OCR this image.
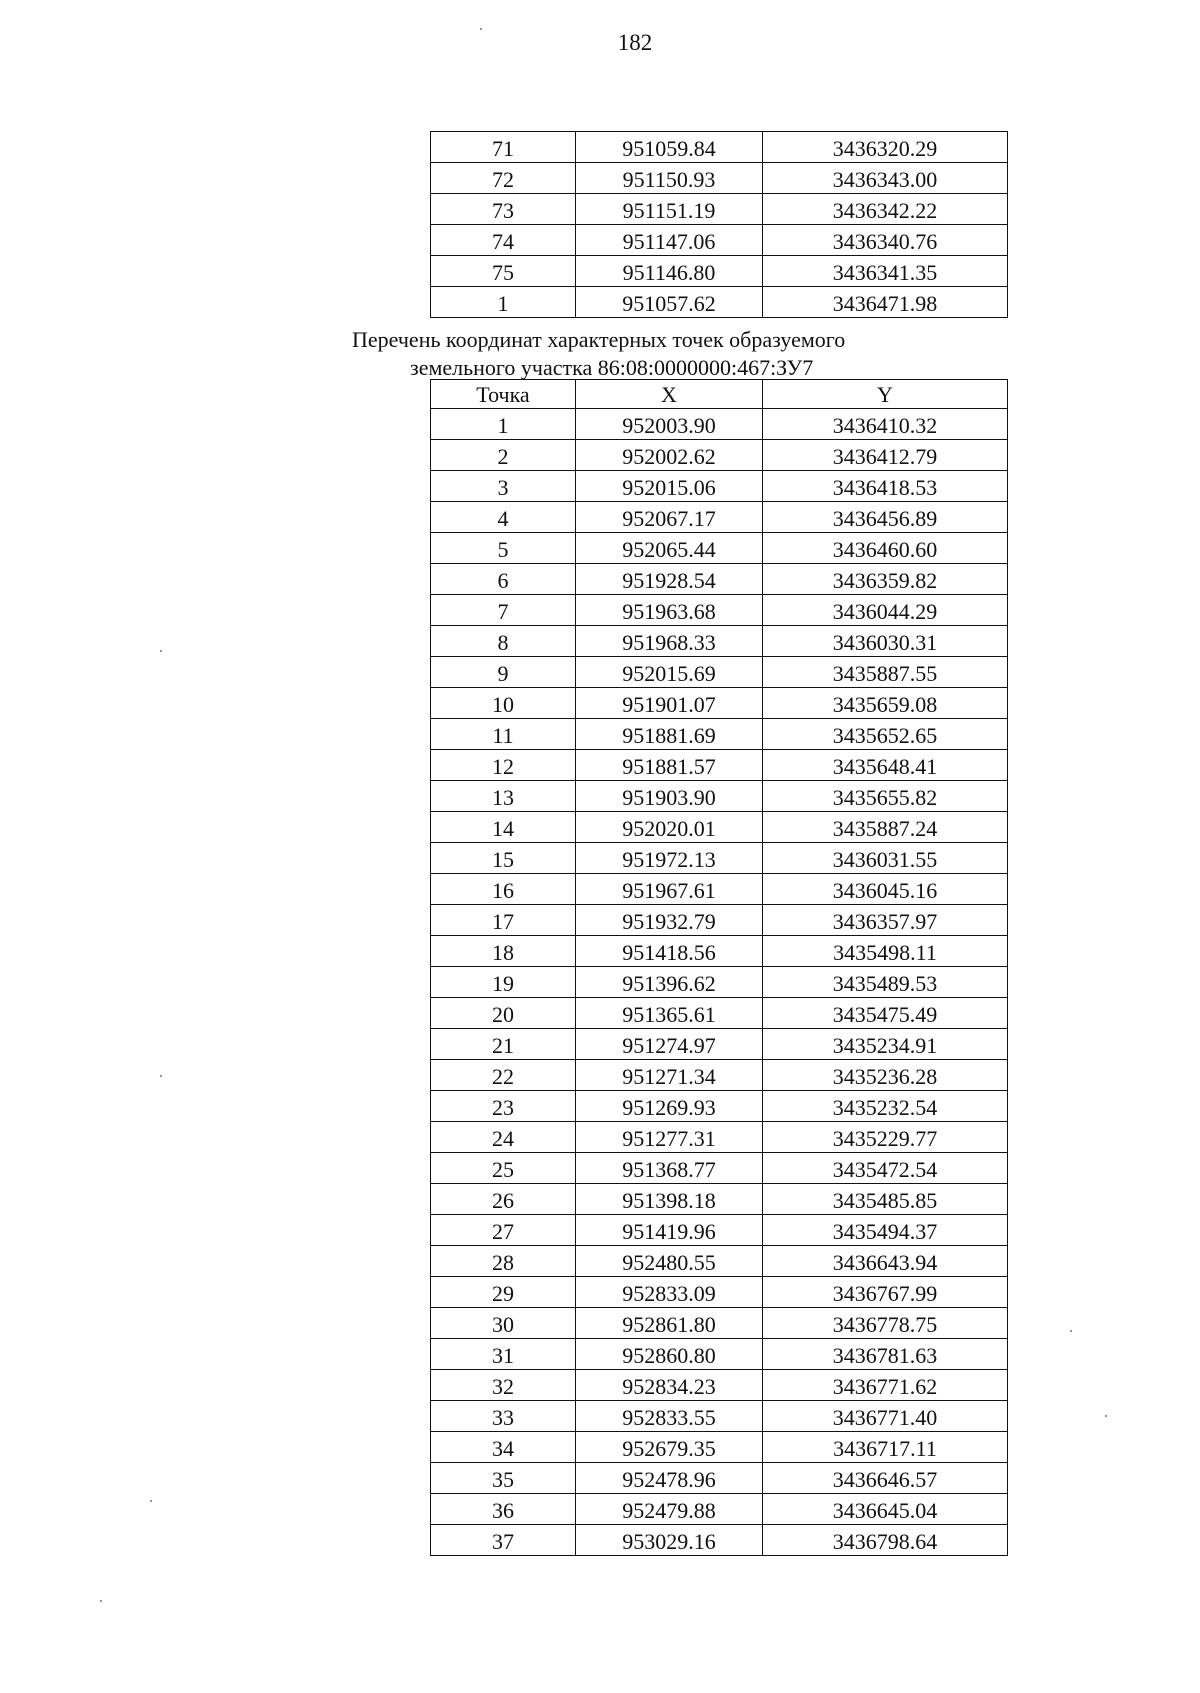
182
71	951059.84	3436320.29
72	951150.93	3436343.00
73	951151.19	3436342.22
74	951147.06	3436340.76
75	951146.80	3436341.35
1	951057.62	3436471.98
Перечень координат характерных точек образуемого
земельного участка 86:08:0000000:467:ЗУ7
Точка	X	Y
1	952003.90	3436410.32
2	952002.62	3436412.79
3	952015.06	3436418.53
4	952067.17	3436456.89
5	952065.44	3436460.60
6	951928.54	3436359.82
7	951963.68	3436044.29
8	951968.33	3436030.31
9	952015.69	3435887.55
10	951901.07	3435659.08
11	951881.69	3435652.65
12	951881.57	3435648.41
13	951903.90	3435655.82
14	952020.01	3435887.24
15	951972.13	3436031.55
16	951967.61	3436045.16
17	951932.79	3436357.97
18	951418.56	3435498.11
19	951396.62	3435489.53
20	951365.61	3435475.49
21	951274.97	3435234.91
22	951271.34	3435236.28
23	951269.93	3435232.54
24	951277.31	3435229.77
25	951368.77	3435472.54
26	951398.18	3435485.85
27	951419.96	3435494.37
28	952480.55	3436643.94
29	952833.09	3436767.99
30	952861.80	3436778.75
31	952860.80	3436781.63
32	952834.23	3436771.62
33	952833.55	3436771.40
34	952679.35	3436717.11
35	952478.96	3436646.57
36	952479.88	3436645.04
37	953029.16	3436798.64
